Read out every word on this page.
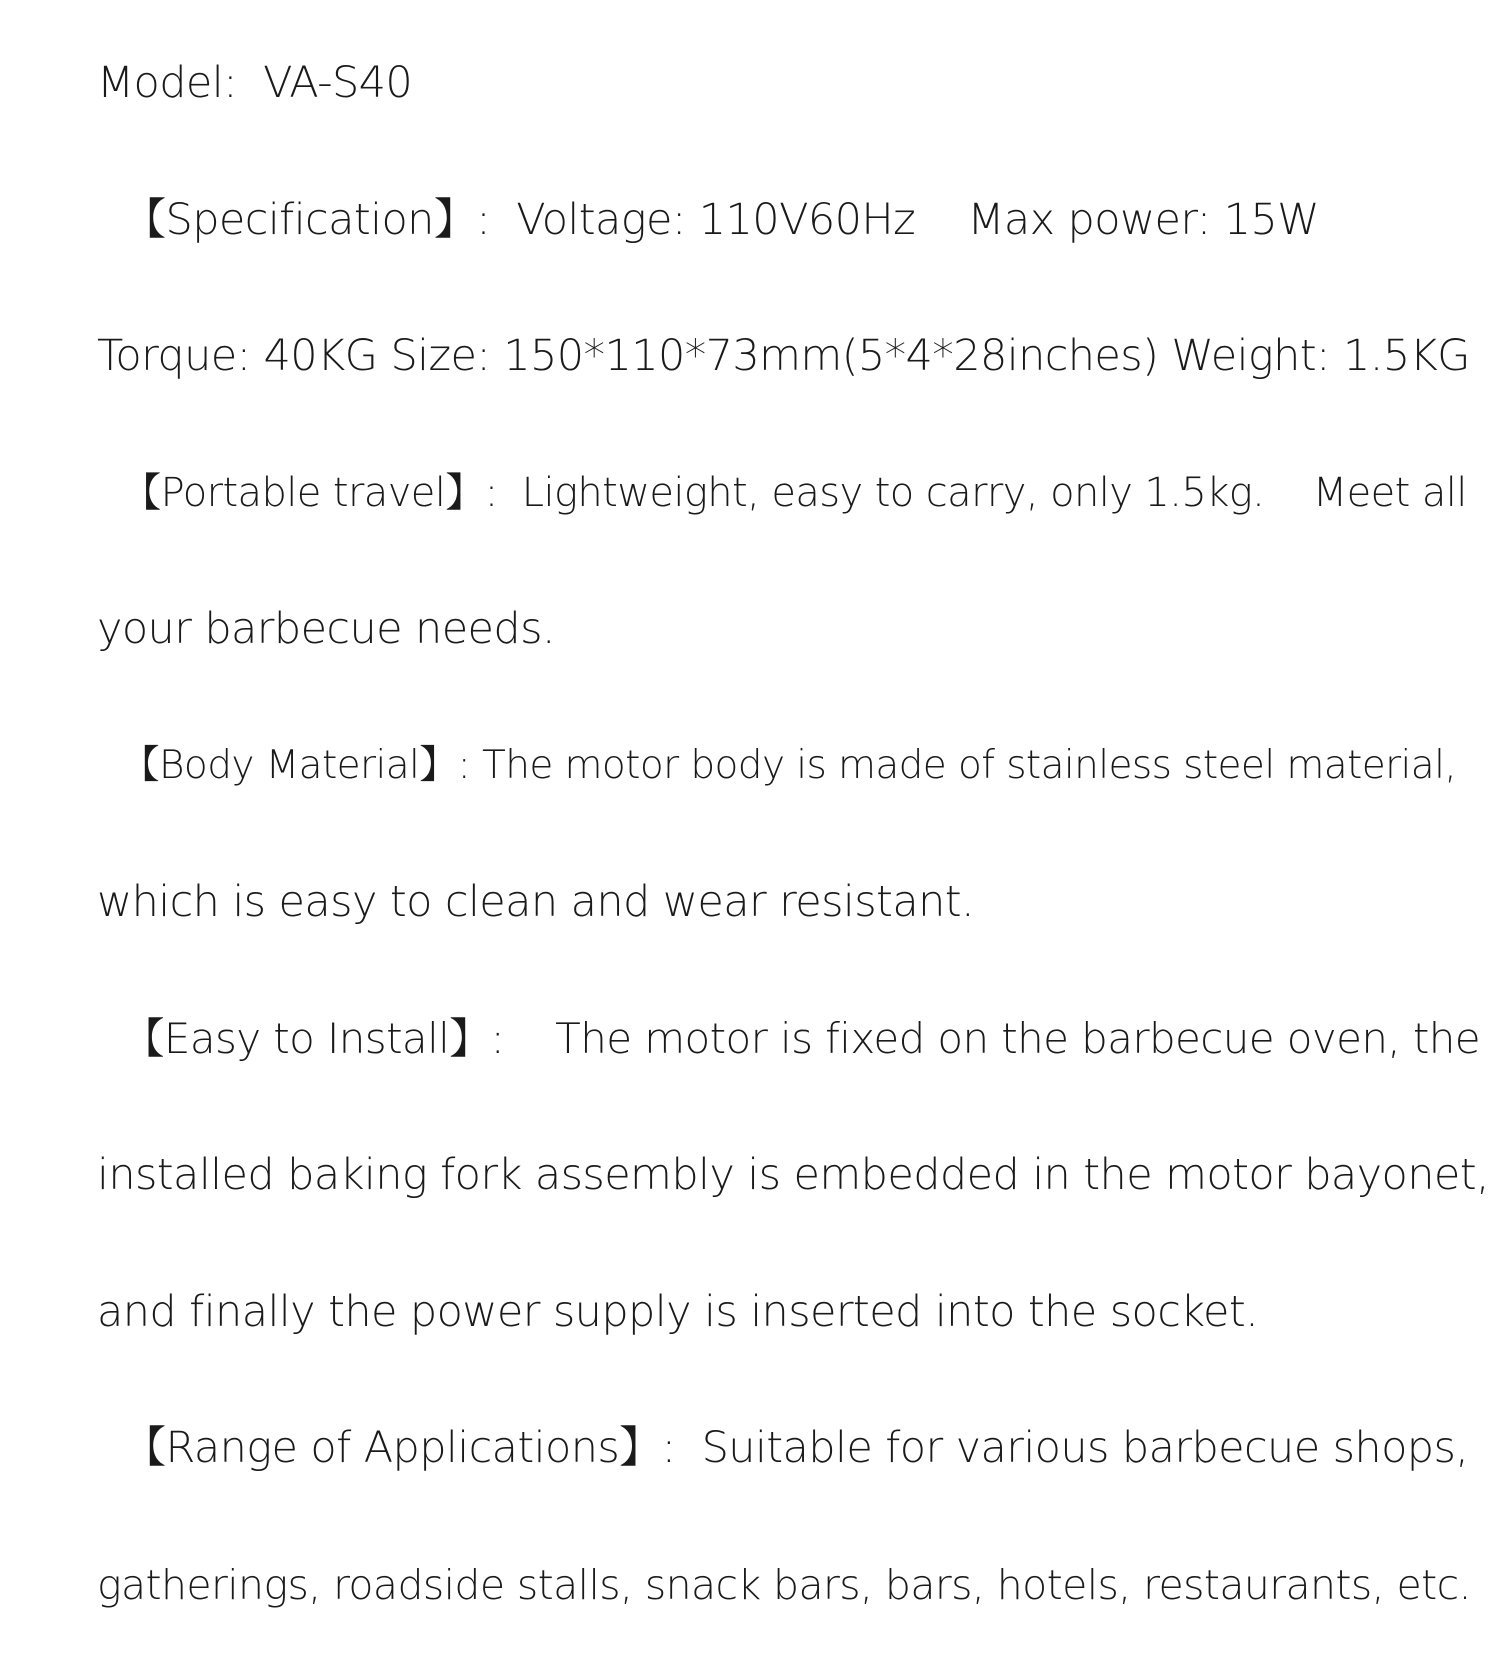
Model:  VA-S40
【Specification】:  Voltage: 110V60Hz    Max power: 15W
Torque: 40KG Size: 150*110*73mm(5*4*28inches) Weight: 1.5KG
【Portable travel】:  Lightweight, easy to carry, only 1.5kg.    Meet all
your barbecue needs.
【Body Material】: The motor body is made of stainless steel material,
which is easy to clean and wear resistant.
【Easy to Install】:    The motor is fixed on the barbecue oven, the
installed baking fork assembly is embedded in the motor bayonet,
and finally the power supply is inserted into the socket.
【Range of Applications】:  Suitable for various barbecue shops,
gatherings, roadside stalls, snack bars, bars, hotels, restaurants, etc.
